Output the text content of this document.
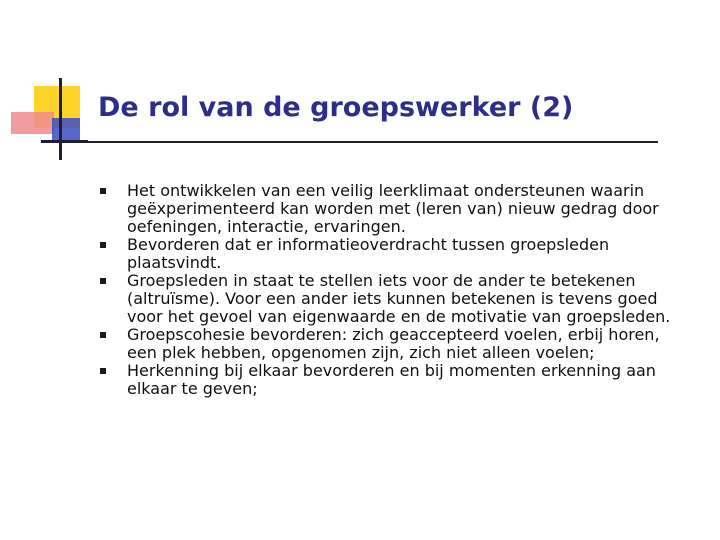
De rol van de groepswerker (2)
Het ontwikkelen van een veilig leerklimaat ondersteunen waarin geëxperimenteerd kan worden met (leren van) nieuw gedrag door oefeningen, interactie, ervaringen.
Bevorderen dat er informatieoverdracht tussen groepsleden plaatsvindt.
Groepsleden in staat te stellen iets voor de ander te betekenen (altruïsme). Voor een ander iets kunnen betekenen is tevens goed voor het gevoel van eigenwaarde en de motivatie van groepsleden.
Groepscohesie bevorderen: zich geaccepteerd voelen, erbij horen, een plek hebben, opgenomen zijn, zich niet alleen voelen;
Herkenning bij elkaar bevorderen en bij momenten erkenning aan elkaar te geven;
